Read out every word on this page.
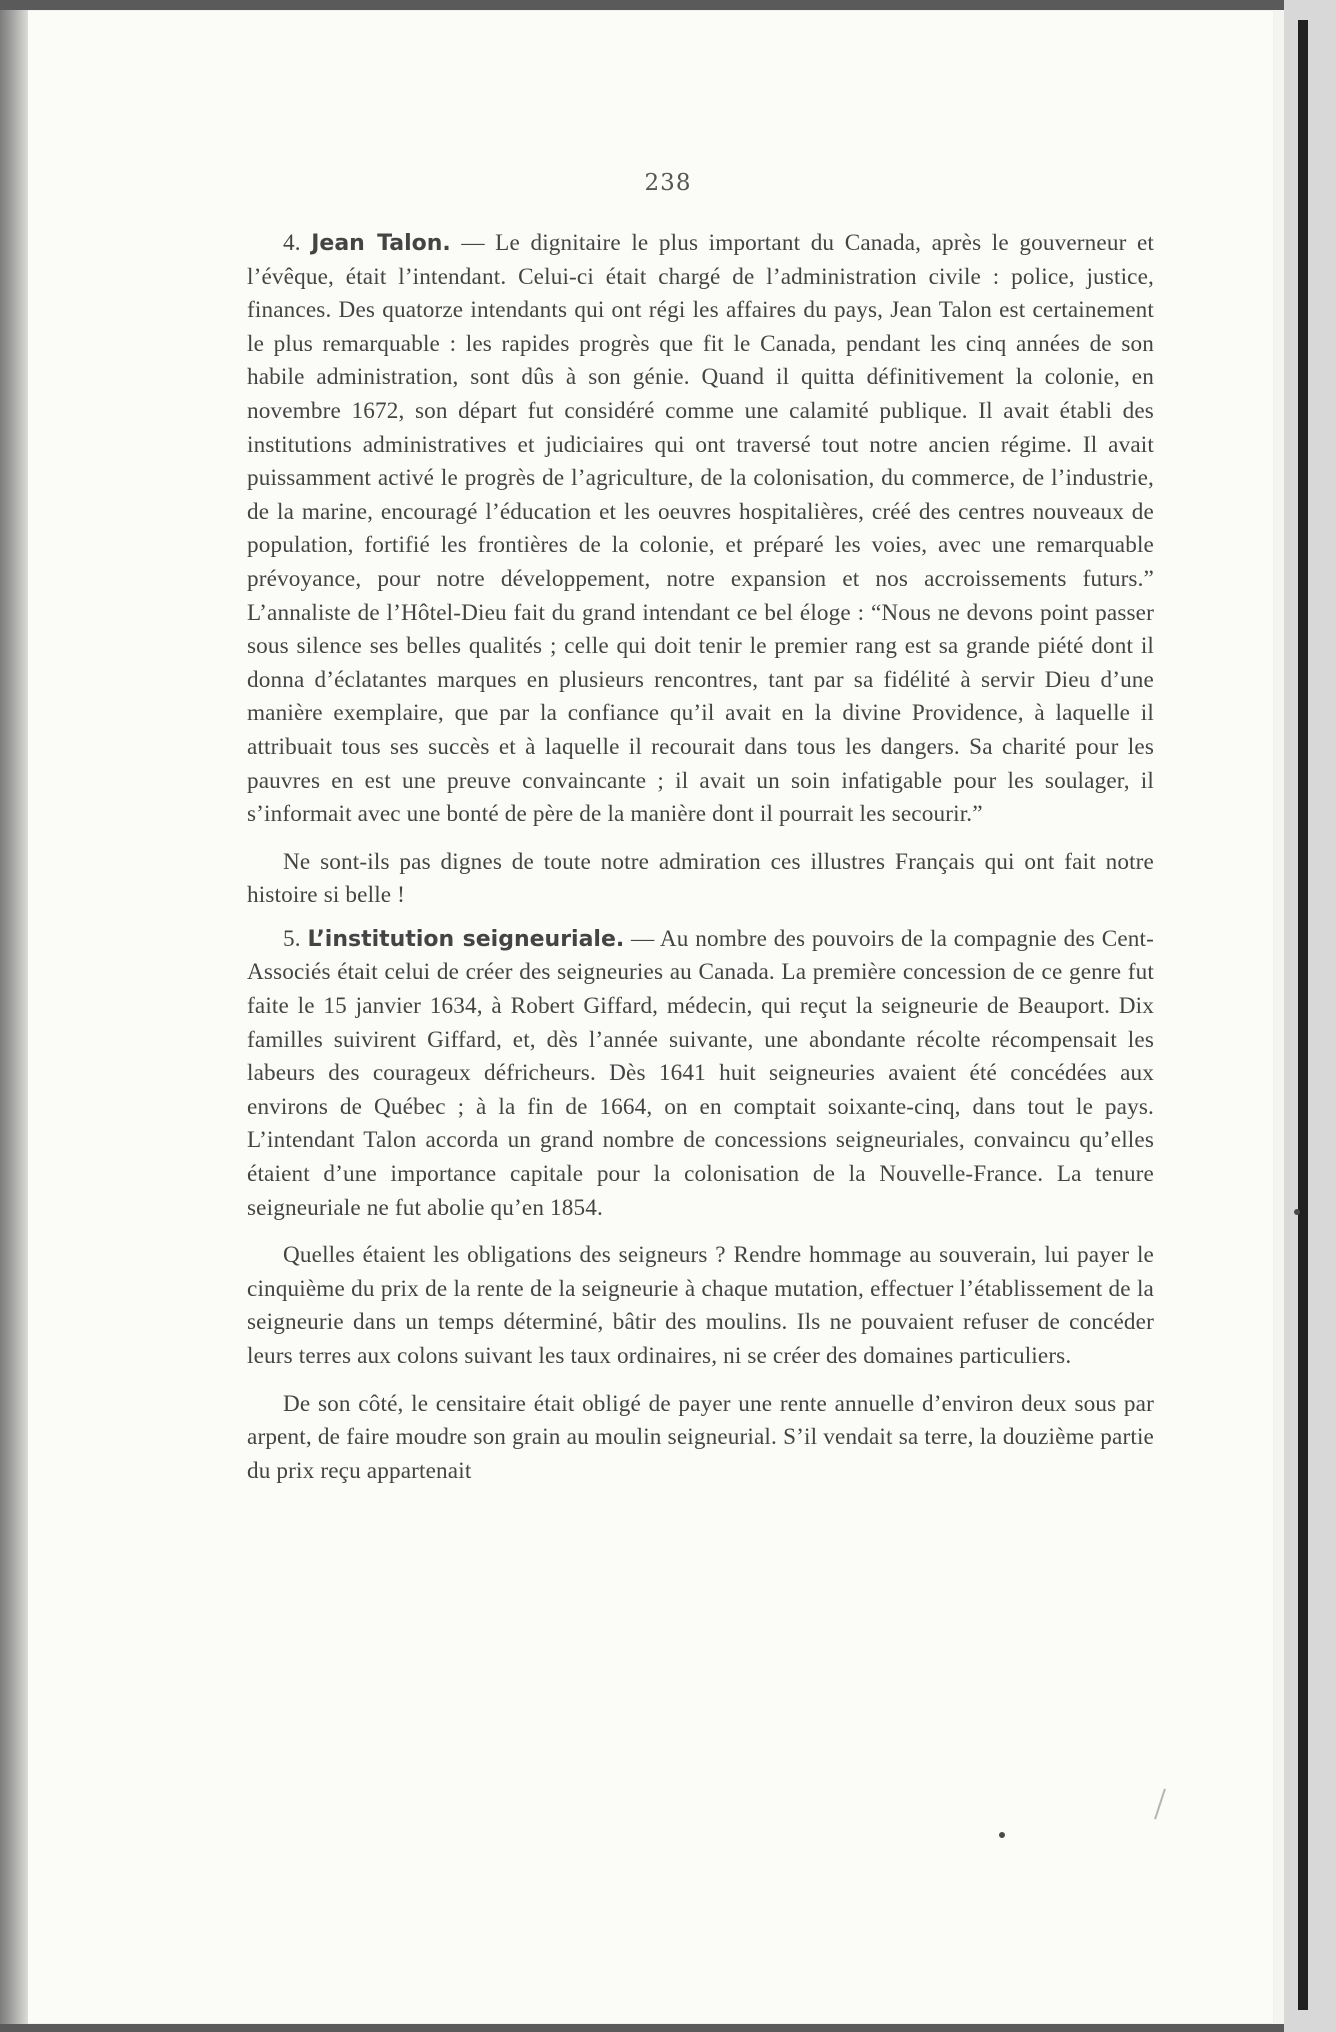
238

4. Jean Talon. — Le dignitaire le plus important du Canada, après le gouverneur et l’évêque, était l’intendant. Celui-ci était chargé de l’administration civile : police, justice, finances. Des quatorze intendants qui ont régi les affaires du pays, Jean Talon est certainement le plus remarquable : les rapides progrès que fit le Canada, pendant les cinq années de son habile administration, sont dûs à son génie. Quand il quitta définitivement la colonie, en novembre 1672, son départ fut considéré comme une calamité publique. Il avait établi des institutions administratives et judiciaires qui ont traversé tout notre ancien régime. Il avait puissamment activé le progrès de l’agriculture, de la colonisation, du commerce, de l’industrie, de la marine, encouragé l’éducation et les oeuvres hospitalières, créé des centres nouveaux de population, fortifié les frontières de la colonie, et préparé les voies, avec une remarquable prévoyance, pour notre développement, notre expansion et nos accroissements futurs.” L’annaliste de l’Hôtel-Dieu fait du grand intendant ce bel éloge : “Nous ne devons point passer sous silence ses belles qualités ; celle qui doit tenir le premier rang est sa grande piété dont il donna d’éclatantes marques en plusieurs rencontres, tant par sa fidélité à servir Dieu d’une manière exemplaire, que par la confiance qu’il avait en la divine Providence, à laquelle il attribuait tous ses succès et à laquelle il recourait dans tous les dangers. Sa charité pour les pauvres en est une preuve convaincante ; il avait un soin infatigable pour les soulager, il s’informait avec une bonté de père de la manière dont il pourrait les secourir.”

Ne sont-ils pas dignes de toute notre admiration ces illustres Français qui ont fait notre histoire si belle !

5. L’institution seigneuriale. — Au nombre des pouvoirs de la compagnie des Cent-Associés était celui de créer des seigneuries au Canada. La première concession de ce genre fut faite le 15 janvier 1634, à Robert Giffard, médecin, qui reçut la seigneurie de Beauport. Dix familles suivirent Giffard, et, dès l’année suivante, une abondante récolte récompensait les labeurs des courageux défricheurs. Dès 1641 huit seigneuries avaient été concédées aux environs de Québec ; à la fin de 1664, on en comptait soixante-cinq, dans tout le pays. L’intendant Talon accorda un grand nombre de concessions seigneuriales, convaincu qu’elles étaient d’une importance capitale pour la colonisation de la Nouvelle-France. La tenure seigneuriale ne fut abolie qu’en 1854.

Quelles étaient les obligations des seigneurs ? Rendre hommage au souverain, lui payer le cinquième du prix de la rente de la seigneurie à chaque mutation, effectuer l’établissement de la seigneurie dans un temps déterminé, bâtir des moulins. Ils ne pouvaient refuser de concéder leurs terres aux colons suivant les taux ordinaires, ni se créer des domaines particuliers.

De son côté, le censitaire était obligé de payer une rente annuelle d’environ deux sous par arpent, de faire moudre son grain au moulin seigneurial. S’il vendait sa terre, la douzième partie du prix reçu appartenait
